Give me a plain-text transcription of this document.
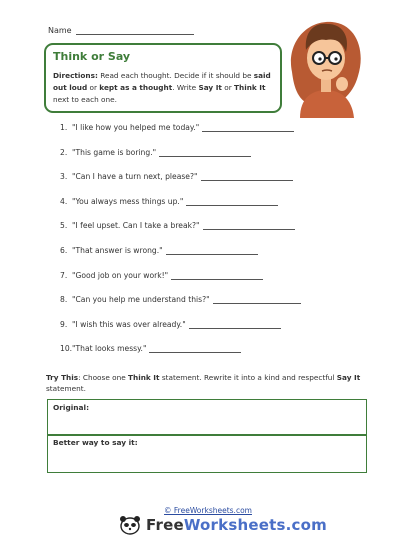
Name

Think or Say

Directions: Read each thought. Decide if it should be said out loud or kept as a thought. Write Say It or Think It next to each one.

1. "I like how you helped me today."
2. "This game is boring."
3. "Can I have a turn next, please?"
4. "You always mess things up."
5. "I feel upset. Can I take a break?"
6. "That answer is wrong."
7. "Good job on your work!"
8. "Can you help me understand this?"
9. "I wish this was over already."
10. "That looks messy."

Try This: Choose one Think It statement. Rewrite it into a kind and respectful Say It statement.

Original:
Better way to say it:
© FreeWorksheets.com
Free Worksheets.com
